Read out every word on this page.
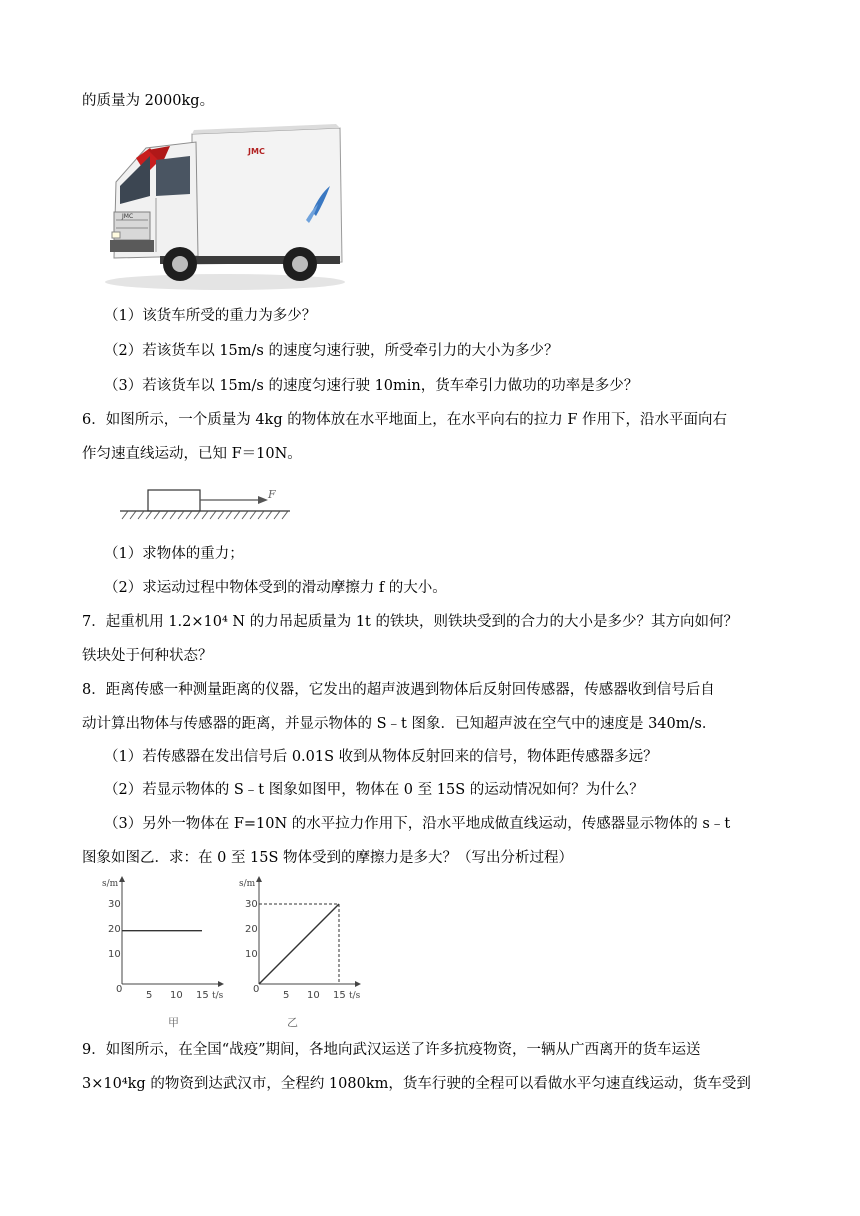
的质量为 2000kg。
JMC
JMC
（1）该货车所受的重力为多少？
（2）若该货车以 15m/s 的速度匀速行驶，所受牵引力的大小为多少？
（3）若该货车以 15m/s 的速度匀速行驶 10min，货车牵引力做功的功率是多少？
6．如图所示，一个质量为 4kg 的物体放在水平地面上，在水平向右的拉力 F 作用下，沿水平面向右
作匀速直线运动，已知 F＝10N。
F
（1）求物体的重力；
（2）求运动过程中物体受到的滑动摩擦力 f 的大小。
7．起重机用 1.2×10⁴ N 的力吊起质量为 1t 的铁块，则铁块受到的合力的大小是多少？其方向如何？
铁块处于何种状态？
8．距离传感一种测量距离的仪器，它发出的超声波遇到物体后反射回传感器，传感器收到信号后自
动计算出物体与传感器的距离，并显示物体的 S﹣t 图象．已知超声波在空气中的速度是 340m/s．
（1）若传感器在发出信号后 0.01S 收到从物体反射回来的信号，物体距传感器多远？
（2）若显示物体的 S﹣t 图象如图甲，物体在 0 至 15S 的运动情况如何？为什么？
（3）另外一物体在 F=10N 的水平拉力作用下，沿水平地成做直线运动，传感器显示物体的 s﹣t
图象如图乙．求：在 0 至 15S 物体受到的摩擦力是多大？（写出分析过程）
s/m
t/s
30
20
10
0
5 10 15
甲
s/m
t/s
30
20
10
0
5 10 15
乙
9．如图所示，在全国“战疫”期间，各地向武汉运送了许多抗疫物资，一辆从广西离开的货车运送
3×10⁴kg 的物资到达武汉市，全程约 1080km，货车行驶的全程可以看做水平匀速直线运动，货车受到
